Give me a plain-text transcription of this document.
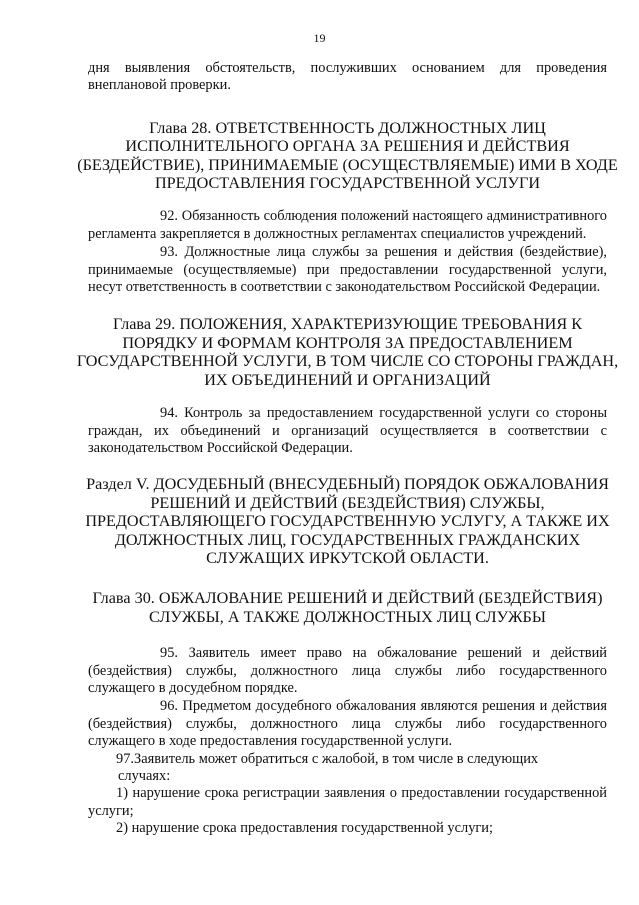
19

дня выявления обстоятельств, послуживших основанием для проведения внеплановой проверки.

Глава 28. ОТВЕТСТВЕННОСТЬ ДОЛЖНОСТНЫХ ЛИЦ ИСПОЛНИТЕЛЬНОГО ОРГАНА ЗА РЕШЕНИЯ И ДЕЙСТВИЯ (БЕЗДЕЙСТВИЕ), ПРИНИМАЕМЫЕ (ОСУЩЕСТВЛЯЕМЫЕ) ИМИ В ХОДЕ ПРЕДОСТАВЛЕНИЯ ГОСУДАРСТВЕННОЙ УСЛУГИ

92. Обязанность соблюдения положений настоящего административного регламента закрепляется в должностных регламентах специалистов учреждений.

93. Должностные лица службы за решения и действия (бездействие), принимаемые (осуществляемые) при предоставлении государственной услуги, несут ответственность в соответствии с законодательством Российской Федерации.

Глава 29. ПОЛОЖЕНИЯ, ХАРАКТЕРИЗУЮЩИЕ ТРЕБОВАНИЯ К ПОРЯДКУ И ФОРМАМ КОНТРОЛЯ ЗА ПРЕДОСТАВЛЕНИЕМ ГОСУДАРСТВЕННОЙ УСЛУГИ, В ТОМ ЧИСЛЕ СО СТОРОНЫ ГРАЖДАН, ИХ ОБЪЕДИНЕНИЙ И ОРГАНИЗАЦИЙ

94. Контроль за предоставлением государственной услуги со стороны граждан, их объединений и организаций осуществляется в соответствии с законодательством Российской Федерации.

Раздел V. ДОСУДЕБНЫЙ (ВНЕСУДЕБНЫЙ) ПОРЯДОК ОБЖАЛОВАНИЯ РЕШЕНИЙ И ДЕЙСТВИЙ (БЕЗДЕЙСТВИЯ) СЛУЖБЫ, ПРЕДОСТАВЛЯЮЩЕГО ГОСУДАРСТВЕННУЮ УСЛУГУ, А ТАКЖЕ ИХ ДОЛЖНОСТНЫХ ЛИЦ, ГОСУДАРСТВЕННЫХ ГРАЖДАНСКИХ СЛУЖАЩИХ ИРКУТСКОЙ ОБЛАСТИ.
Глава 30. ОБЖАЛОВАНИЕ РЕШЕНИЙ И ДЕЙСТВИЙ (БЕЗДЕЙСТВИЯ) СЛУЖБЫ, А ТАКЖЕ ДОЛЖНОСТНЫХ ЛИЦ СЛУЖБЫ

95. Заявитель имеет право на обжалование решений и действий (бездействия) службы, должностного лица службы либо государственного служащего в досудебном порядке.

96. Предметом досудебного обжалования являются решения и действия (бездействия) службы, должностного лица службы либо государственного служащего в ходе предоставления государственной услуги.

97.Заявитель может обратиться с жалобой, в том числе в следующих

случаях:

1) нарушение срока регистрации заявления о предоставлении государственной услуги;

2) нарушение срока предоставления государственной услуги;
